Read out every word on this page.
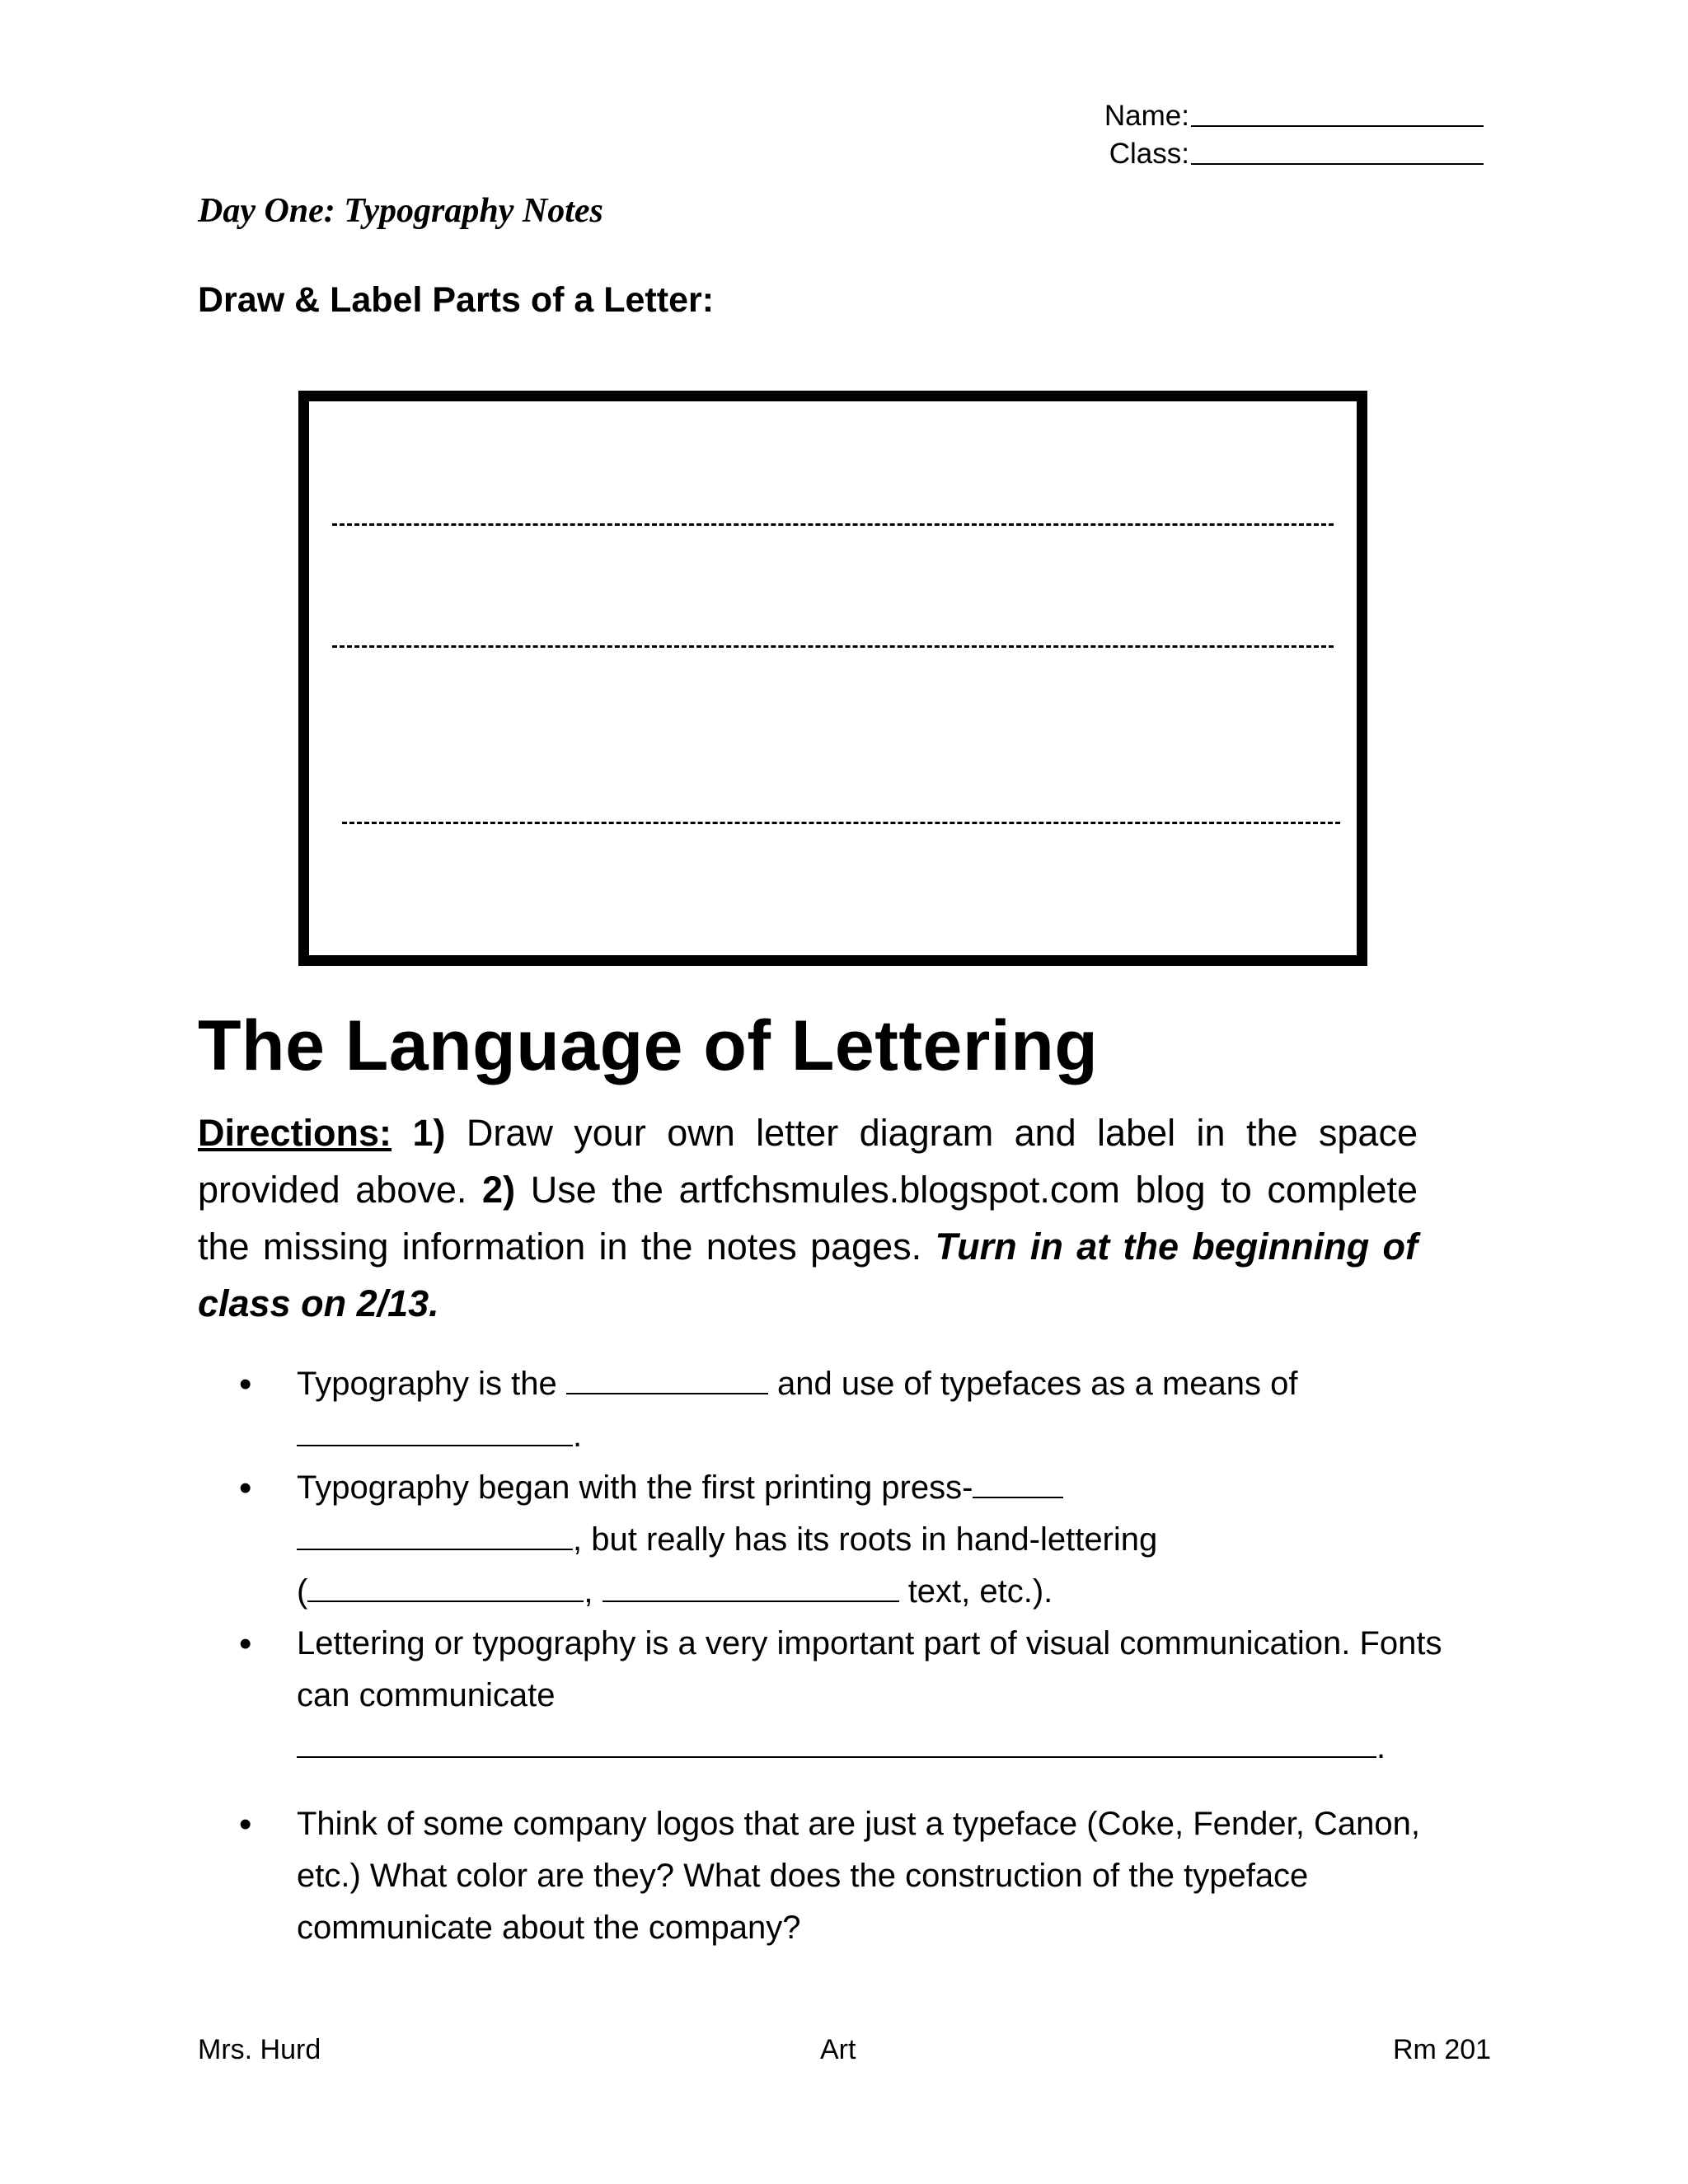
Name:
Class:
Day One: Typography Notes
Draw & Label Parts of a Letter:
The Language of Lettering
Directions: 1) Draw your own letter diagram and label in the space provided above. 2) Use the artfchsmules.blogspot.com blog to complete the missing information in the notes pages. Turn in at the beginning of class on 2/13.
• Typography is the	and use of typefaces as a means of
.
• Typography began with the first printing press-
, but really has its roots in hand-lettering
(	,	text, etc.).
• Lettering or typography is a very important part of visual communication. Fonts can communicate
.
• Think of some company logos that are just a typeface (Coke, Fender, Canon, etc.) What color are they? What does the construction of the typeface communicate about the company?
Mrs. Hurd	Art	Rm 201
